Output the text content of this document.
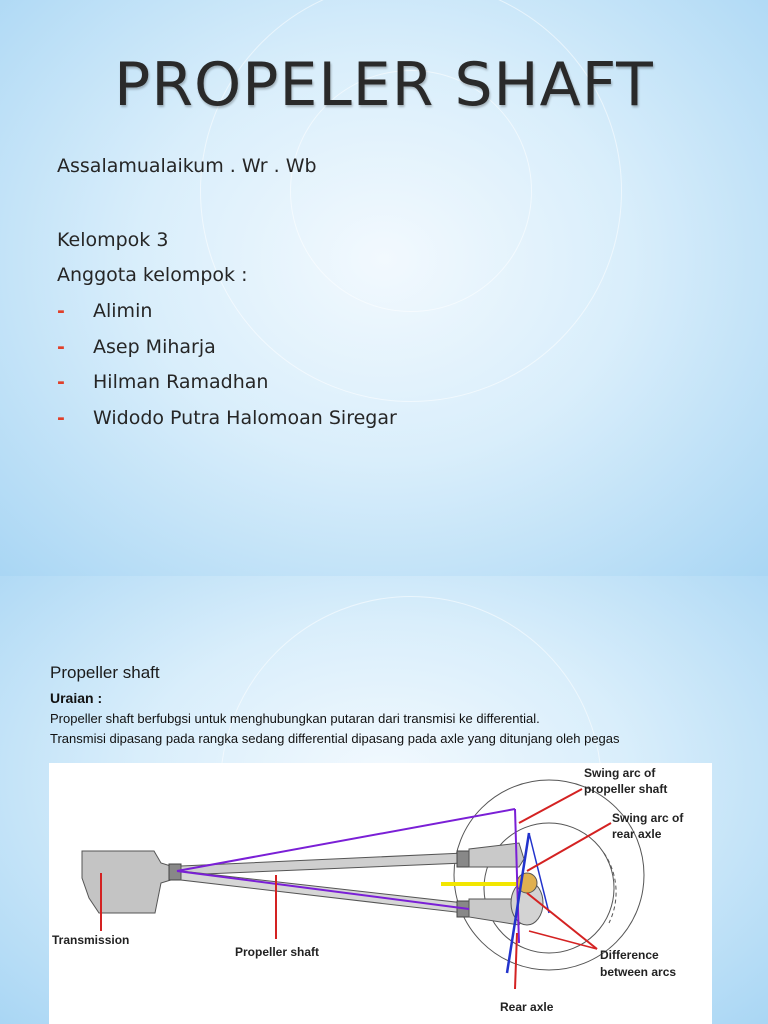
PROPELER SHAFT
Assalamualaikum . Wr . Wb
Kelompok 3
Anggota kelompok :
- Alimin
- Asep Miharja
- Hilman Ramadhan
- Widodo Putra Halomoan Siregar
Propeller shaft
Uraian :
Propeller shaft berfubgsi untuk menghubungkan putaran dari transmisi ke differential.
Transmisi dipasang pada rangka sedang differential dipasang pada axle yang ditunjang oleh pegas
Swing arc of
propeller shaft
Swing arc of
rear axle
Transmission
Propeller shaft	Difference
between arcs
Rear axle
